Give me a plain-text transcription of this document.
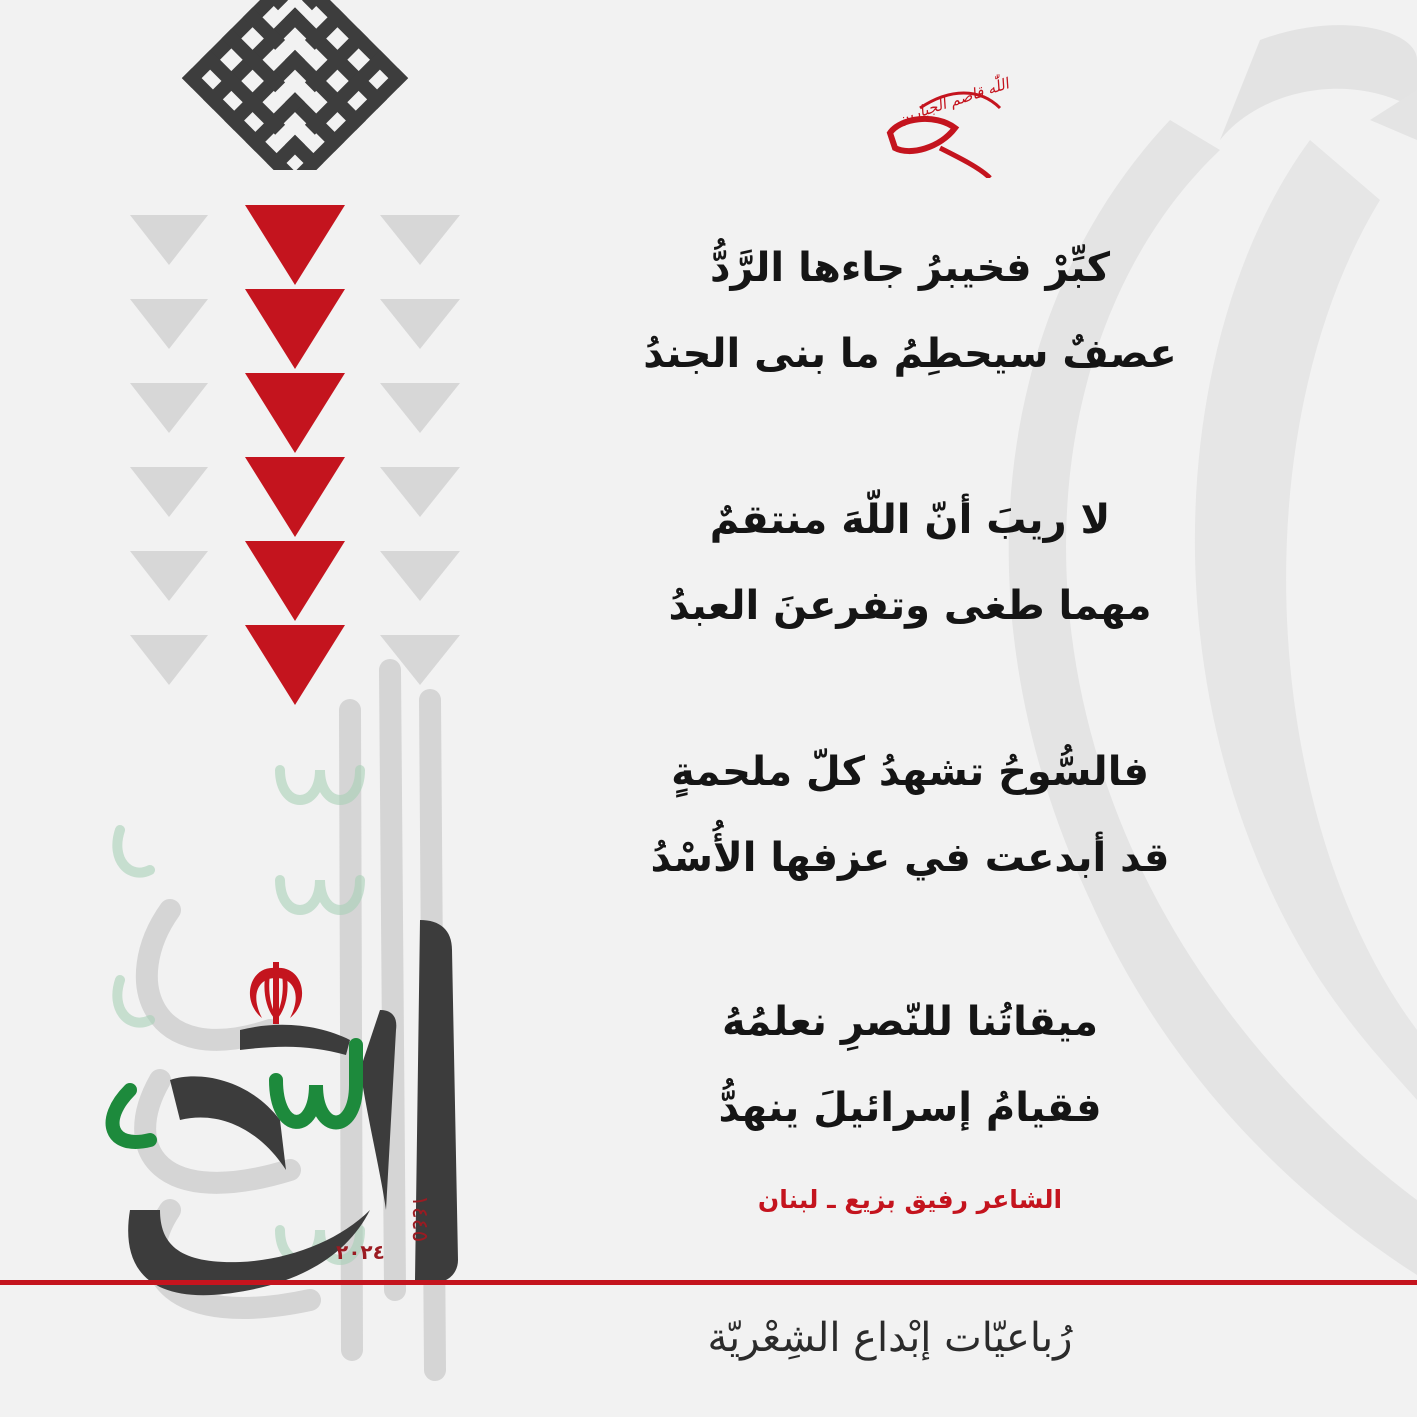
١٤٤٥
٢٠٢٤
اللّٰه قاصم الجبارین
كبِّرْ فخيبرُ جاءها الرَّدُّ
عصفٌ سيحطِمُ ما بنى الجندُ
لا ريبَ أنّ اللّهَ منتقمٌ
مهما طغى وتفرعنَ العبدُ
فالسُّوحُ تشهدُ كلّ ملحمةٍ
قد أبدعت في عزفها الأُسْدُ
ميقاتُنا للنّصرِ نعلمُهُ
فقيامُ إسرائيلَ ينهدُّ
الشاعر رفيق بزيع ـ لبنان
رُباعيّات إبْداع الشِعْريّة
